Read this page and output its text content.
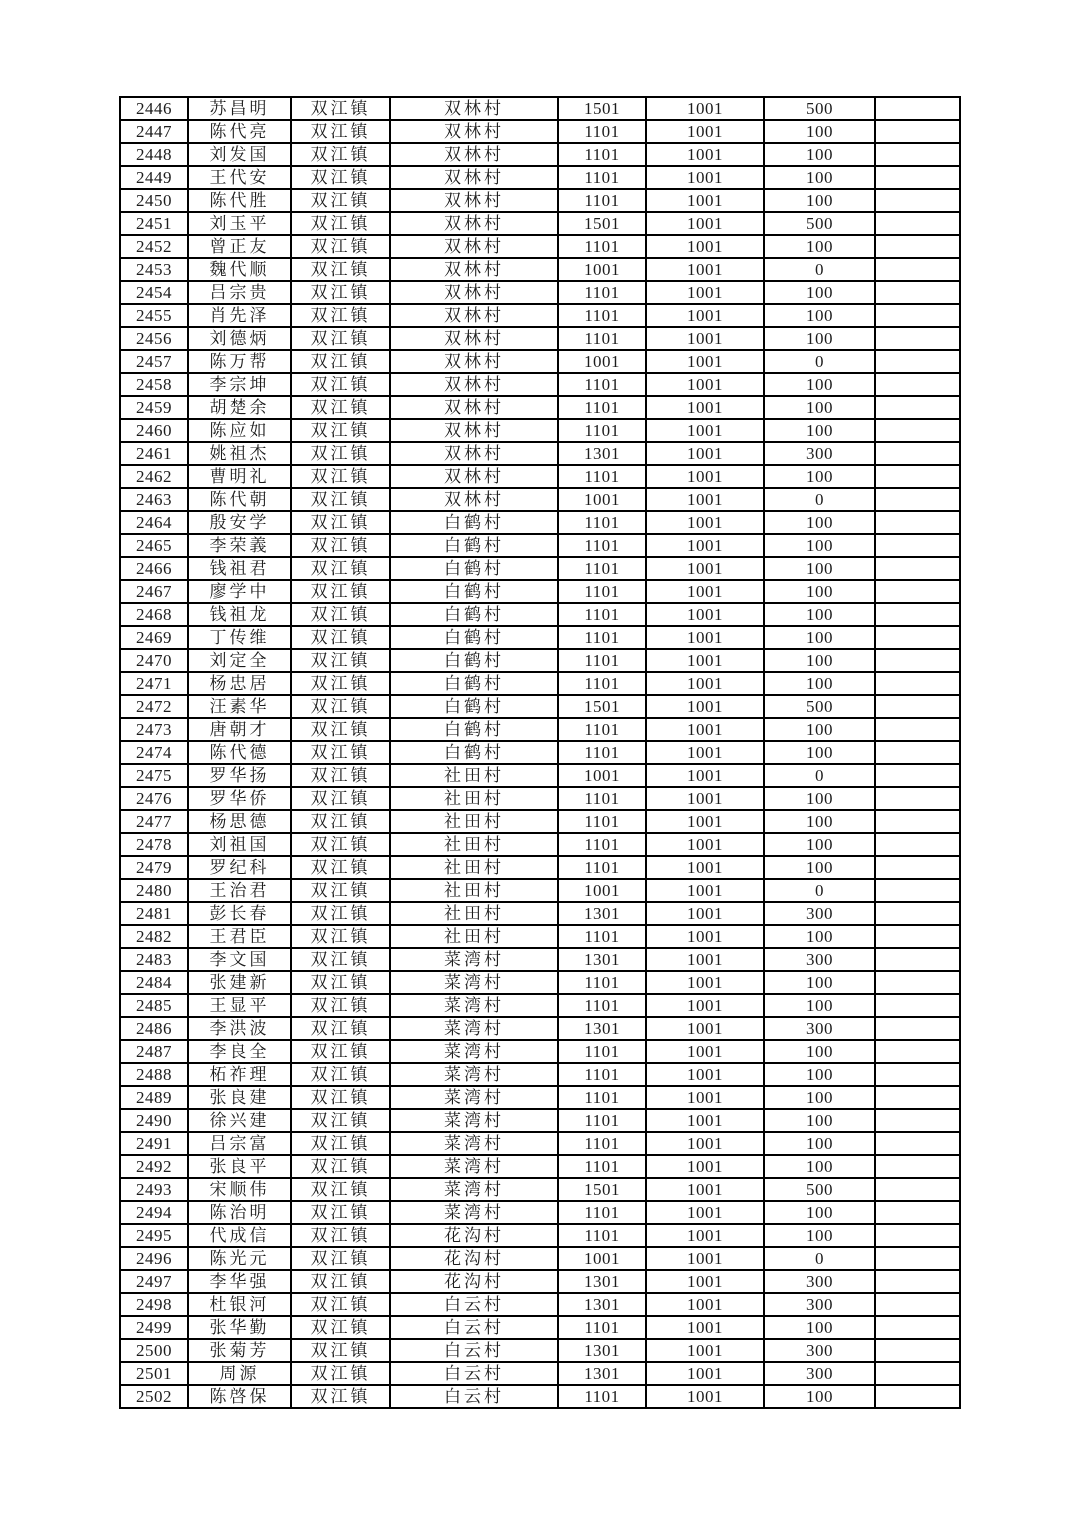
2446	苏昌明	双江镇	双林村	1501	1001	500	
2447	陈代亮	双江镇	双林村	1101	1001	100	
2448	刘发国	双江镇	双林村	1101	1001	100	
2449	王代安	双江镇	双林村	1101	1001	100	
2450	陈代胜	双江镇	双林村	1101	1001	100	
2451	刘玉平	双江镇	双林村	1501	1001	500	
2452	曾正友	双江镇	双林村	1101	1001	100	
2453	魏代顺	双江镇	双林村	1001	1001	0	
2454	吕宗贵	双江镇	双林村	1101	1001	100	
2455	肖先泽	双江镇	双林村	1101	1001	100	
2456	刘德炳	双江镇	双林村	1101	1001	100	
2457	陈万帮	双江镇	双林村	1001	1001	0	
2458	李宗坤	双江镇	双林村	1101	1001	100	
2459	胡楚余	双江镇	双林村	1101	1001	100	
2460	陈应如	双江镇	双林村	1101	1001	100	
2461	姚祖杰	双江镇	双林村	1301	1001	300	
2462	曹明礼	双江镇	双林村	1101	1001	100	
2463	陈代朝	双江镇	双林村	1001	1001	0	
2464	殷安学	双江镇	白鹤村	1101	1001	100	
2465	李荣義	双江镇	白鹤村	1101	1001	100	
2466	钱祖君	双江镇	白鹤村	1101	1001	100	
2467	廖学中	双江镇	白鹤村	1101	1001	100	
2468	钱祖龙	双江镇	白鹤村	1101	1001	100	
2469	丁传维	双江镇	白鹤村	1101	1001	100	
2470	刘定全	双江镇	白鹤村	1101	1001	100	
2471	杨忠居	双江镇	白鹤村	1101	1001	100	
2472	汪素华	双江镇	白鹤村	1501	1001	500	
2473	唐朝才	双江镇	白鹤村	1101	1001	100	
2474	陈代德	双江镇	白鹤村	1101	1001	100	
2475	罗华扬	双江镇	社田村	1001	1001	0	
2476	罗华侨	双江镇	社田村	1101	1001	100	
2477	杨思德	双江镇	社田村	1101	1001	100	
2478	刘祖国	双江镇	社田村	1101	1001	100	
2479	罗纪科	双江镇	社田村	1101	1001	100	
2480	王治君	双江镇	社田村	1001	1001	0	
2481	彭长春	双江镇	社田村	1301	1001	300	
2482	王君臣	双江镇	社田村	1101	1001	100	
2483	李文国	双江镇	菜湾村	1301	1001	300	
2484	张建新	双江镇	菜湾村	1101	1001	100	
2485	王显平	双江镇	菜湾村	1101	1001	100	
2486	李洪波	双江镇	菜湾村	1301	1001	300	
2487	李良全	双江镇	菜湾村	1101	1001	100	
2488	柘祚理	双江镇	菜湾村	1101	1001	100	
2489	张良建	双江镇	菜湾村	1101	1001	100	
2490	徐兴建	双江镇	菜湾村	1101	1001	100	
2491	吕宗富	双江镇	菜湾村	1101	1001	100	
2492	张良平	双江镇	菜湾村	1101	1001	100	
2493	宋顺伟	双江镇	菜湾村	1501	1001	500	
2494	陈治明	双江镇	菜湾村	1101	1001	100	
2495	代成信	双江镇	花沟村	1101	1001	100	
2496	陈光元	双江镇	花沟村	1001	1001	0	
2497	李华强	双江镇	花沟村	1301	1001	300	
2498	杜银河	双江镇	白云村	1301	1001	300	
2499	张华勤	双江镇	白云村	1101	1001	100	
2500	张菊芳	双江镇	白云村	1301	1001	300	
2501	周源	双江镇	白云村	1301	1001	300	
2502	陈啓保	双江镇	白云村	1101	1001	100	
